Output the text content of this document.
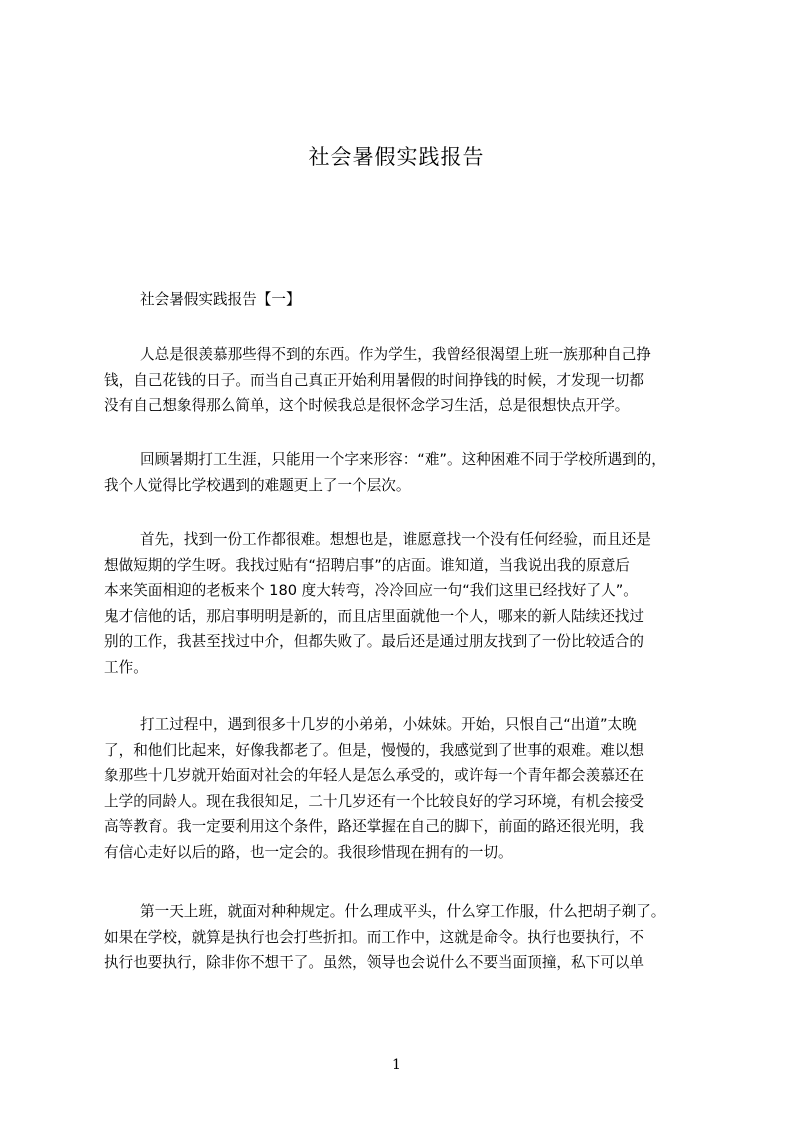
社会暑假实践报告
社会暑假实践报告【一】
人总是很羡慕那些得不到的东西。作为学生，我曾经很渴望上班一族那种自己挣
钱，自己花钱的日子。而当自己真正开始利用暑假的时间挣钱的时候，才发现一切都
没有自己想象得那么简单，这个时候我总是很怀念学习生活，总是很想快点开学。
回顾暑期打工生涯，只能用一个字来形容：“难”。这种困难不同于学校所遇到的，
我个人觉得比学校遇到的难题更上了一个层次。
首先，找到一份工作都很难。想想也是，谁愿意找一个没有任何经验，而且还是
想做短期的学生呀。我找过贴有“招聘启事”的店面。谁知道，当我说出我的原意后
本来笑面相迎的老板来个 180 度大转弯，冷冷回应一句“我们这里已经找好了人”。
鬼才信他的话，那启事明明是新的，而且店里面就他一个人，哪来的新人陆续还找过
别的工作，我甚至找过中介，但都失败了。最后还是通过朋友找到了一份比较适合的
工作。
打工过程中，遇到很多十几岁的小弟弟，小妹妹。开始，只恨自己“出道”太晚
了，和他们比起来，好像我都老了。但是，慢慢的，我感觉到了世事的艰难。难以想
象那些十几岁就开始面对社会的年轻人是怎么承受的，或许每一个青年都会羡慕还在
上学的同龄人。现在我很知足，二十几岁还有一个比较良好的学习环境，有机会接受
高等教育。我一定要利用这个条件，路还掌握在自己的脚下，前面的路还很光明，我
有信心走好以后的路，也一定会的。我很珍惜现在拥有的一切。
第一天上班，就面对种种规定。什么理成平头，什么穿工作服，什么把胡子剃了。
如果在学校，就算是执行也会打些折扣。而工作中，这就是命令。执行也要执行，不
执行也要执行，除非你不想干了。虽然，领导也会说什么不要当面顶撞，私下可以单
1
